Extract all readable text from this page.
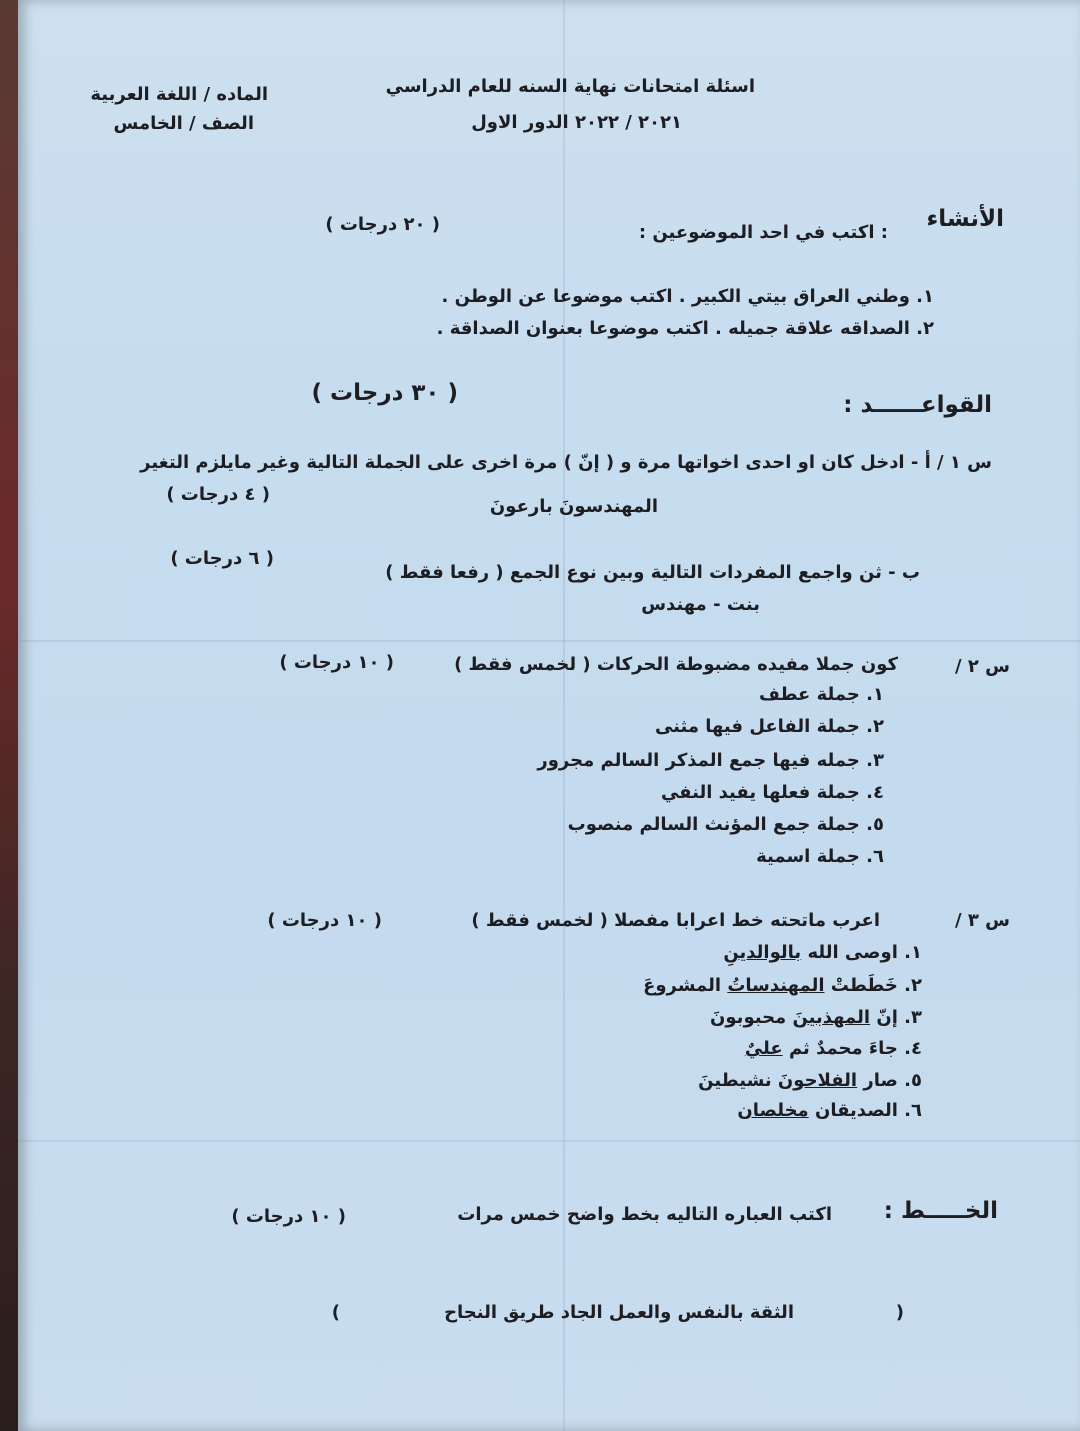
الماده / اللغة العربية
الصف / الخامس
اسئلة امتحانات نهاية السنه للعام الدراسي
٢٠٢١ / ٢٠٢٢ الدور الاول
الأنشاء
: اكتب في احد الموضوعين :
( ٢٠ درجات )
١. وطني العراق بيتي الكبير . اكتب موضوعا عن الوطن .
٢. الصداقه علاقة جميله . اكتب موضوعا بعنوان الصداقة .
القواعــــــد :
( ٣٠ درجات )
س ١ / أ - ادخل كان او احدى اخواتها مرة و ( إنّ ) مرة اخرى على الجملة التالية وغير مايلزم التغير
( ٤ درجات )
المهندسونَ بارعونَ
ب - ثن واجمع المفردات التالية وبين نوع الجمع ( رفعا فقط )
( ٦ درجات )
بنت - مهندس
س ٢ /
كون جملا مفيده مضبوطة الحركات ( لخمس فقط )
( ١٠ درجات )
١. جملة عطف
٢. جملة الفاعل فيها مثنى
٣. جمله فيها جمع المذكر السالم مجرور
٤. جملة فعلها يفيد النفي
٥. جملة جمع المؤنث السالم منصوب
٦. جملة اسمية
س ٣ /
اعرب ماتحته خط اعرابا مفصلا ( لخمس فقط )
( ١٠ درجات )
١. اوصى الله بالوالدينِ
٢. خَطَطتْ المهندساتُ المشروعَ
٣. إنّ المهذبينَ محبوبونَ
٤. جاءَ محمدٌ ثم عليٌ
٥. صار الفلاحونَ نشيطينَ
٦. الصديقان مخلصان
الخـــــط :
اكتب العباره التاليه بخط واضح خمس مرات
( ١٠ درجات )
(
الثقة بالنفس والعمل الجاد طريق النجاح
)
